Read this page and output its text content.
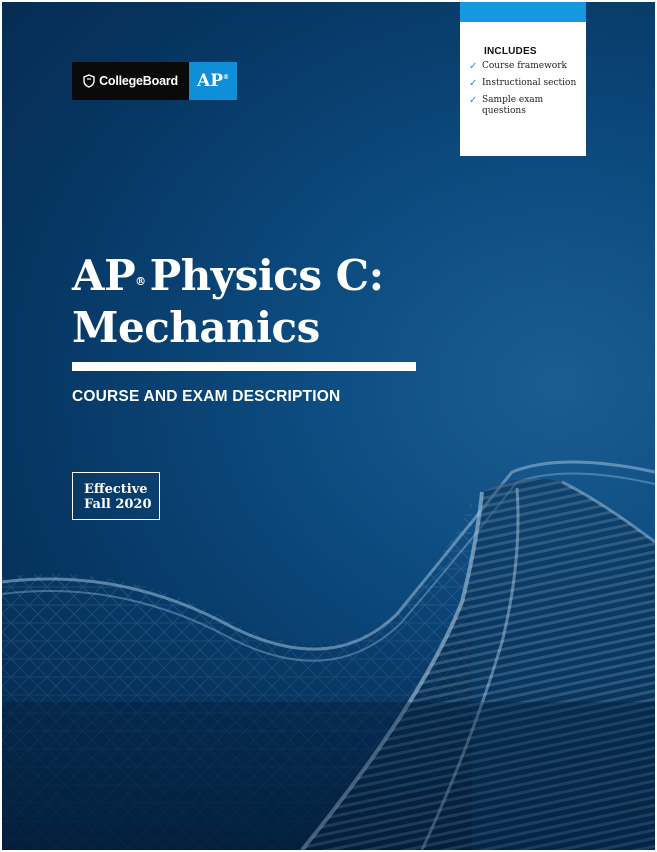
CollegeBoard AP®
INCLUDES
✓ Course framework
✓ Instructional section
✓ Sample exam questions
AP®Physics C:
Mechanics
COURSE AND EXAM DESCRIPTION
Effective
Fall 2020
